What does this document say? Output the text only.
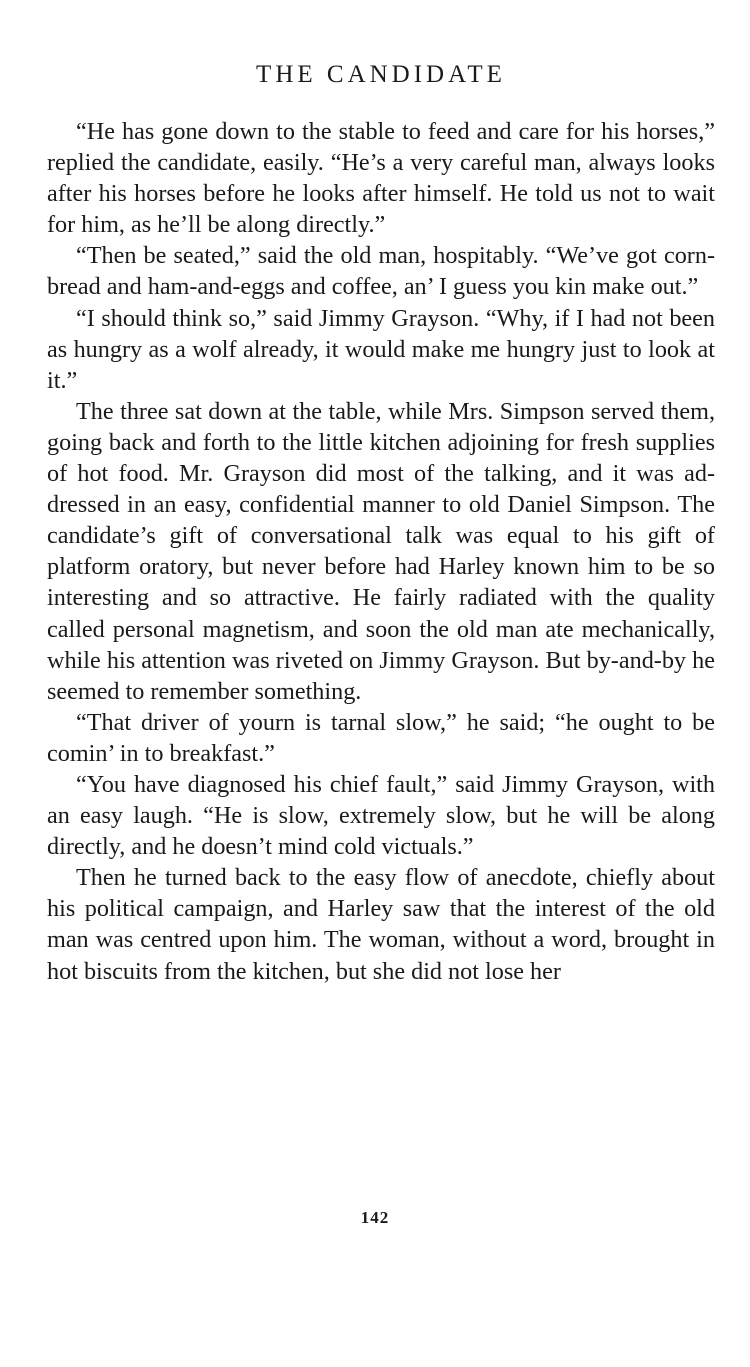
THE CANDIDATE

“He has gone down to the stable to feed and care for his horses,” replied the candidate, easily. “He’s a very careful man, always looks after his horses before he looks after himself. He told us not to wait for him, as he’ll be along directly.”

“Then be seated,” said the old man, hospitably. “We’ve got corn-bread and ham-and-eggs and coffee, an’ I guess you kin make out.”

“I should think so,” said Jimmy Grayson. “Why, if I had not been as hungry as a wolf already, it would make me hungry just to look at it.”

The three sat down at the table, while Mrs. Simpson served them, going back and forth to the little kitchen adjoining for fresh supplies of hot food. Mr. Grayson did most of the talking, and it was addressed in an easy, confidential manner to old Daniel Simpson. The candidate’s gift of conversational talk was equal to his gift of platform oratory, but never before had Harley known him to be so interesting and so attractive. He fairly radiated with the quality called personal magnetism, and soon the old man ate mechanically, while his attention was riveted on Jimmy Grayson. But by-and-by he seemed to remember something.

“That driver of yourn is tarnal slow,” he said; “he ought to be comin’ in to breakfast.”

“You have diagnosed his chief fault,” said Jimmy Grayson, with an easy laugh. “He is slow, extremely slow, but he will be along directly, and he doesn’t mind cold victuals.”

Then he turned back to the easy flow of anecdote, chiefly about his political campaign, and Harley saw that the interest of the old man was centred upon him. The woman, without a word, brought in hot biscuits from the kitchen, but she did not lose her

142
